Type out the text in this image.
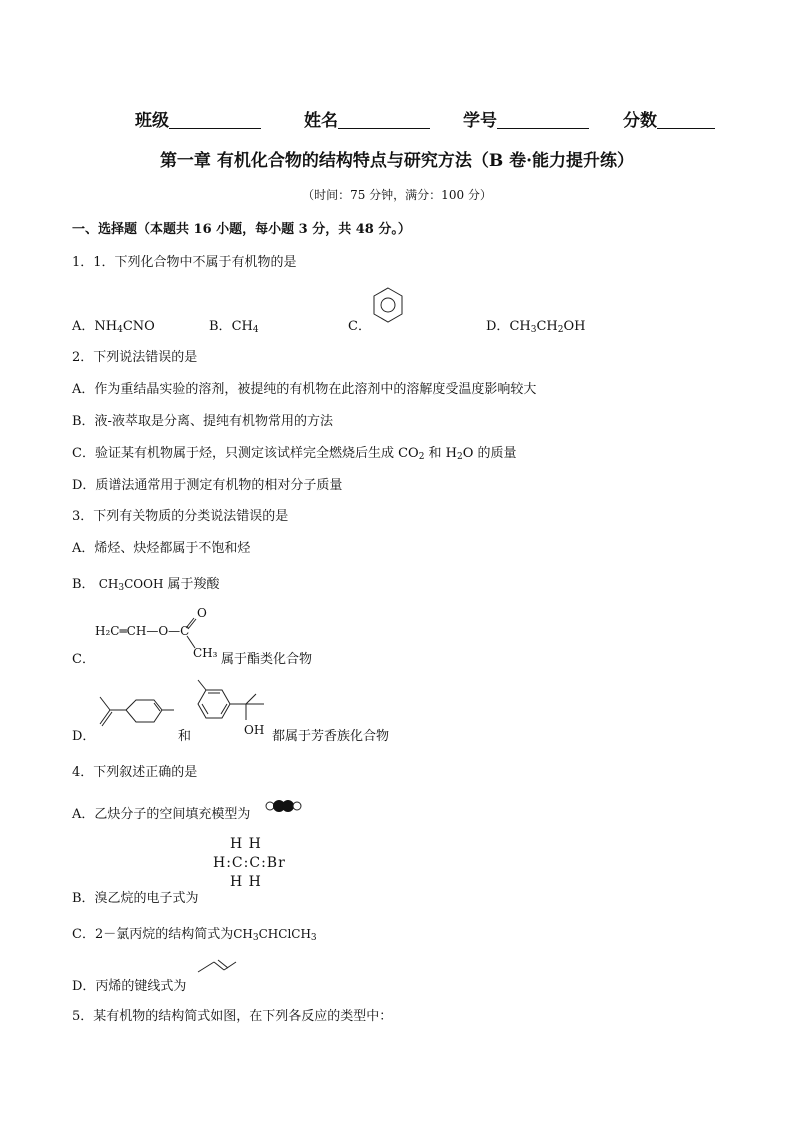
班级	姓名	学号	分数
第一章 有机化合物的结构特点与研究方法（B 卷·能力提升练）
（时间：75 分钟，满分：100 分）
一、选择题（本题共 16 小题，每小题 3 分，共 48 分。）
1．1．下列化合物中不属于有机物的是
A．$NH_4CNO$	B．$CH_4$	C．	D．$CH_3CH_2OH$
2．下列说法错误的是
A．作为重结晶实验的溶剂，被提纯的有机物在此溶剂中的溶解度受温度影响较大
B．液-液萃取是分离、提纯有机物常用的方法
C．验证某有机物属于烃，只测定该试样完全燃烧后生成 $CO_2$ 和 $H_2O$ 的质量
D．质谱法通常用于测定有机物的相对分子质量
3．下列有关物质的分类说法错误的是
A．烯烃、炔烃都属于不饱和烃
B． $CH_3COOH$ 属于羧酸
C．
H₂C═CH—O—C
O
CH₃ 属于酯类化合物
D．	和	OH 都属于芳香族化合物
4．下列叙述正确的是
A．乙炔分子的空间填充模型为
H H
H:C:C:Br
H H
B．溴乙烷的电子式为
C．2－氯丙烷的结构简式为$CH_3CHClCH_3$
D．丙烯的键线式为
5．某有机物的结构简式如图，在下列各反应的类型中：
